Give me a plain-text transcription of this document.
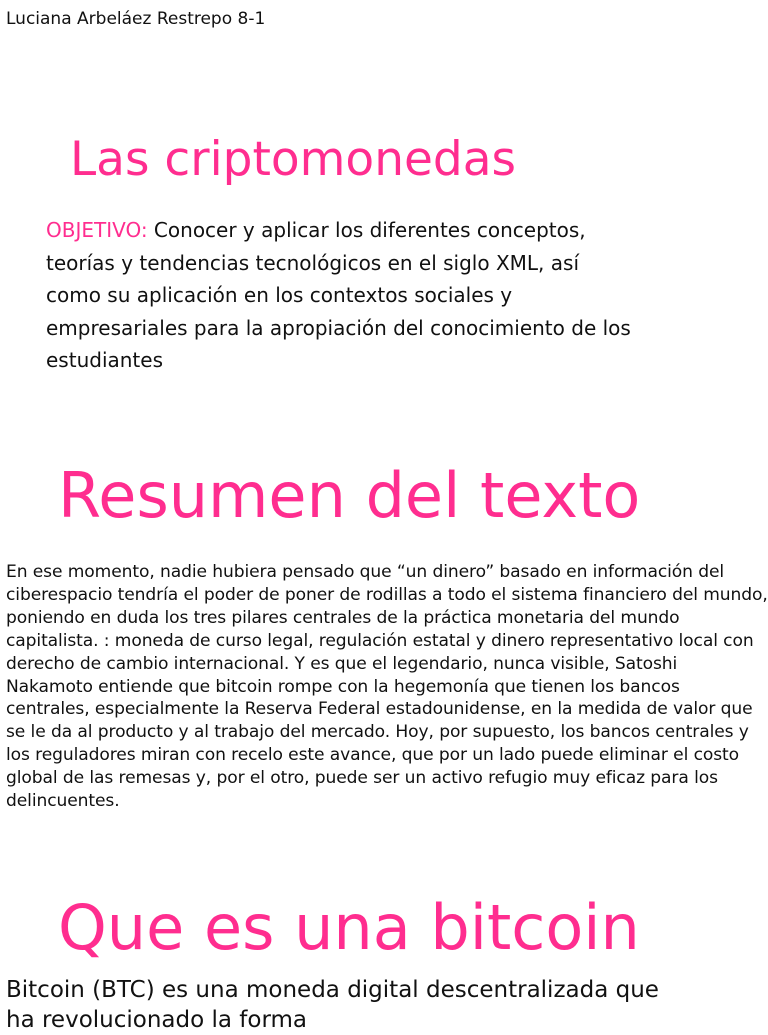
Luciana Arbeláez Restrepo 8-1
Las criptomonedas

OBJETIVO: Conocer y aplicar los diferentes conceptos, teorías y tendencias tecnológicos en el siglo XML, así como su aplicación en los contextos sociales y empresariales para la apropiación del conocimiento de los estudiantes

Resumen del texto

En ese momento, nadie hubiera pensado que “un dinero” basado en información del ciberespacio tendría el poder de poner de rodillas a todo el sistema financiero del mundo, poniendo en duda los tres pilares centrales de la práctica monetaria del mundo capitalista. : moneda de curso legal, regulación estatal y dinero representativo local con derecho de cambio internacional. Y es que el legendario, nunca visible, Satoshi Nakamoto entiende que bitcoin rompe con la hegemonía que tienen los bancos centrales, especialmente la Reserva Federal estadounidense, en la medida de valor que se le da al producto y al trabajo del mercado. Hoy, por supuesto, los bancos centrales y los reguladores miran con recelo este avance, que por un lado puede eliminar el costo global de las remesas y, por el otro, puede ser un activo refugio muy eficaz para los delincuentes.

Que es una bitcoin

Bitcoin (BTC) es una moneda digital descentralizada que ha revolucionado la forma
